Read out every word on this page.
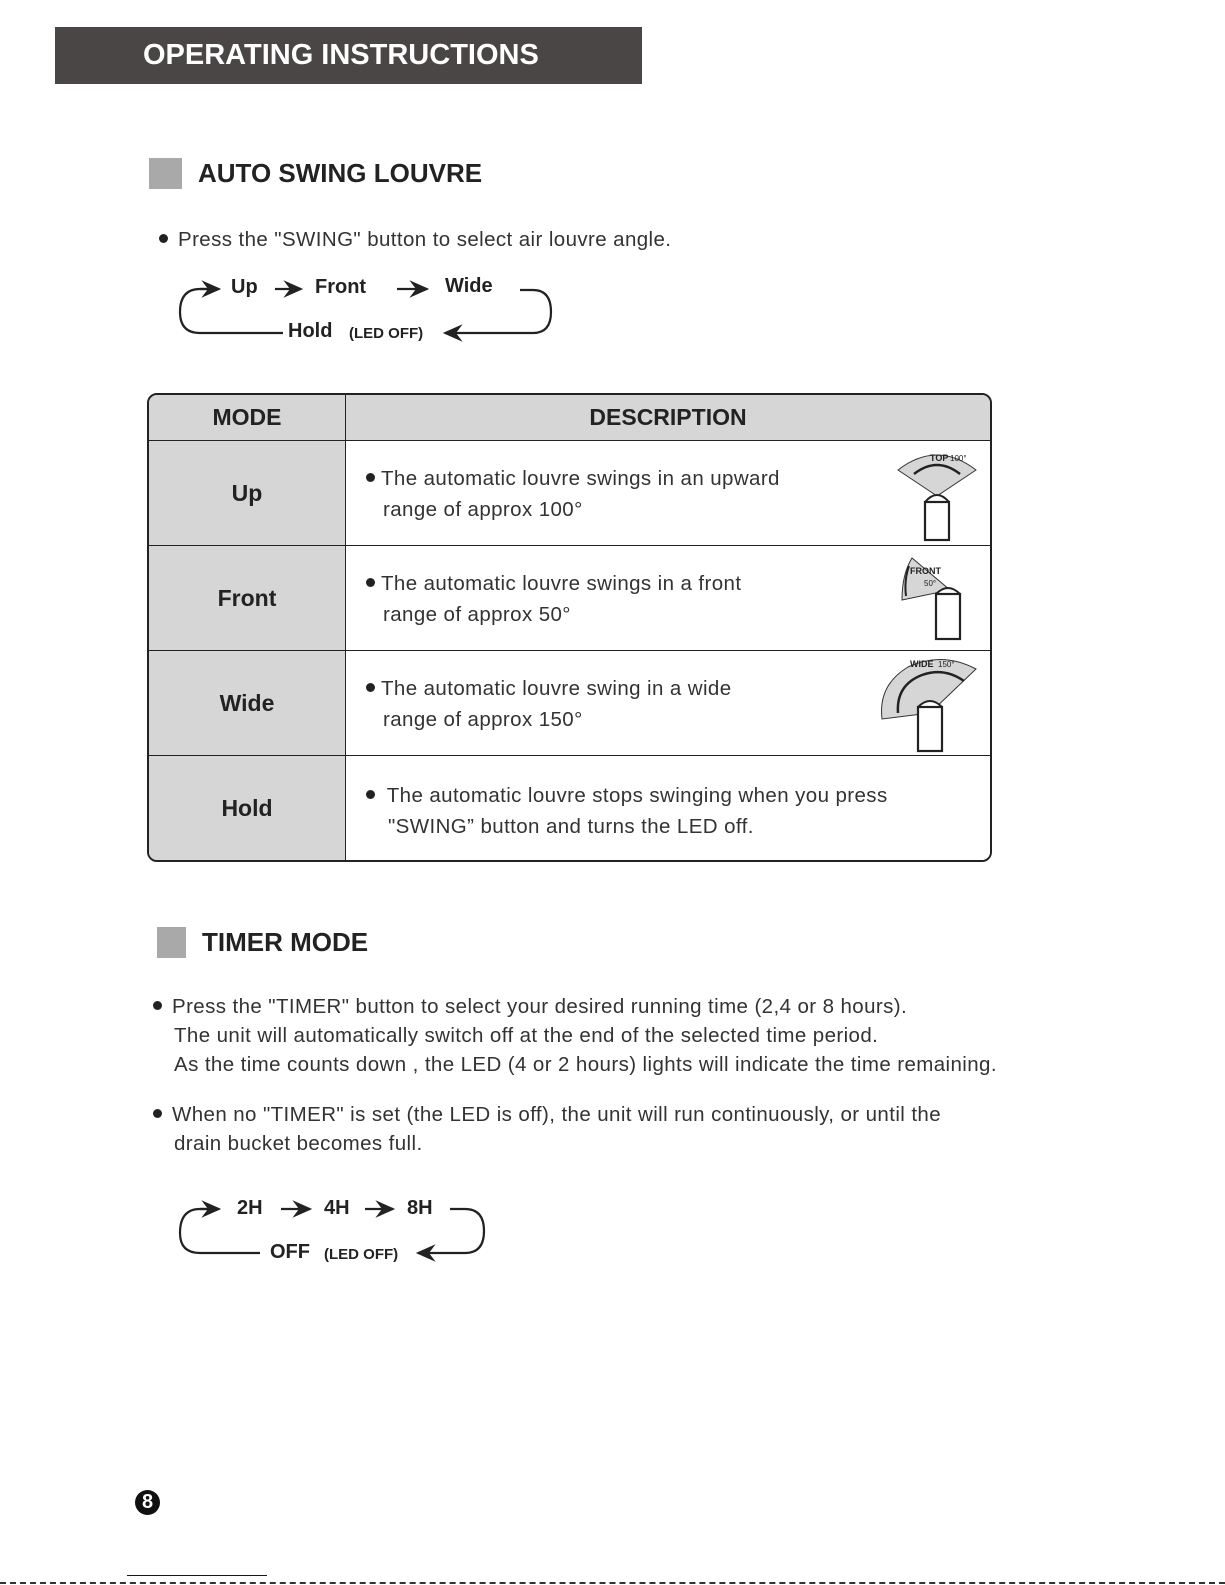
OPERATING INSTRUCTIONS
AUTO SWING LOUVRE
Press the "SWING" button to select air louvre angle.
Up	Front	Wide
Hold (LED OFF)
MODE	DESCRIPTION
Up	The automatic louvre swings in an upward
range of approx 100°
TOP 100°

Front	The automatic louvre swings in a front
range of approx 50°
FRONT
50°

Wide	The automatic louvre swing in a wide
range of approx 150°
WIDE 150°

Hold	The automatic louvre stops swinging when you press
"SWING” button and turns the LED off.
TIMER MODE
Press the "TIMER" button to select your desired running time (2,4 or 8 hours).
The unit will automatically switch off at the end of the selected time period.
As the time counts down , the LED (4 or 2 hours) lights will indicate the time remaining.
When no "TIMER" is set (the LED is off), the unit will run continuously, or until the
drain bucket becomes full.
2H	4H	8H
OFF (LED OFF)
8
